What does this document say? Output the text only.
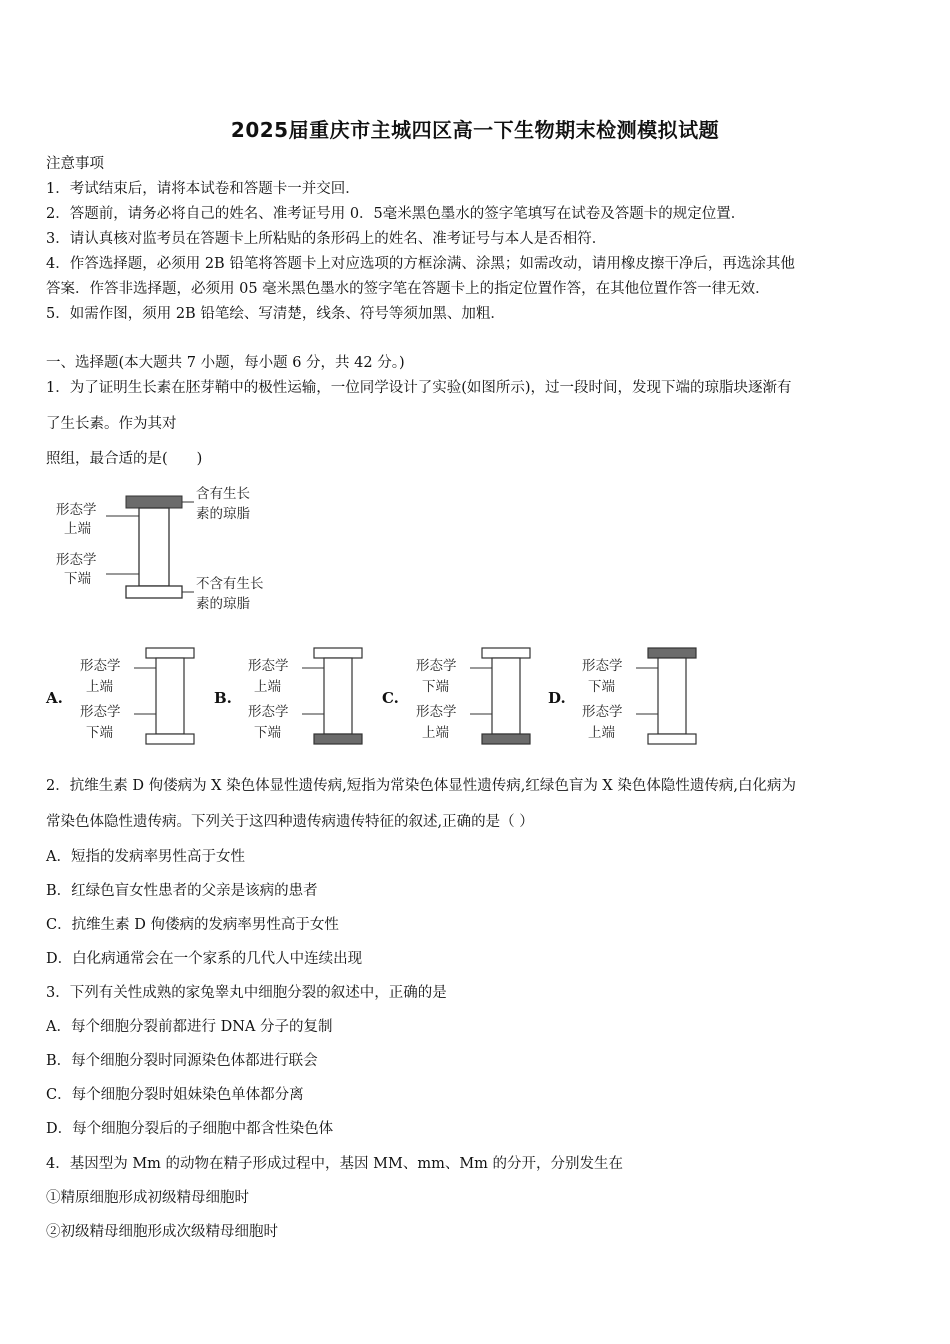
2025届重庆市主城四区高一下生物期末检测模拟试题
注意事项
1．考试结束后，请将本试卷和答题卡一并交回．
2．答题前，请务必将自己的姓名、准考证号用 0．5毫米黑色墨水的签字笔填写在试卷及答题卡的规定位置．
3．请认真核对监考员在答题卡上所粘贴的条形码上的姓名、准考证号与本人是否相符．
4．作答选择题，必须用 2B 铅笔将答题卡上对应选项的方框涂满、涂黑；如需改动，请用橡皮擦干净后，再选涂其他
答案．作答非选择题，必须用 05 毫米黑色墨水的签字笔在答题卡上的指定位置作答，在其他位置作答一律无效．
5．如需作图，须用 2B 铅笔绘、写清楚，线条、符号等须加黑、加粗．
一、选择题(本大题共 7 小题，每小题 6 分，共 42 分。)
1．为了证明生长素在胚芽鞘中的极性运输，一位同学设计了实验(如图所示)，过一段时间，发现下端的琼脂块逐渐有
了生长素。作为其对
照组，最合适的是(　　)
形态学上端
形态学下端
含有生长素的琼脂
不含有生长素的琼脂
A.
形态学
上端
形态学
下端
B.
形态学
上端
形态学
下端
C.
形态学
下端
形态学
上端
D.
形态学
下端
形态学
上端
2．抗维生素 D 佝偻病为 X 染色体显性遗传病,短指为常染色体显性遗传病,红绿色盲为 X 染色体隐性遗传病,白化病为
常染色体隐性遗传病。下列关于这四种遗传病遗传特征的叙述,正确的是（ ）
A．短指的发病率男性高于女性
B．红绿色盲女性患者的父亲是该病的患者
C．抗维生素 D 佝偻病的发病率男性高于女性
D．白化病通常会在一个家系的几代人中连续出现
3．下列有关性成熟的家兔睾丸中细胞分裂的叙述中，正确的是
A．每个细胞分裂前都进行 DNA 分子的复制
B．每个细胞分裂时同源染色体都进行联会
C．每个细胞分裂时姐妹染色单体都分离
D．每个细胞分裂后的子细胞中都含性染色体
4．基因型为 Mm 的动物在精子形成过程中，基因 MM、mm、Mm 的分开，分别发生在
①精原细胞形成初级精母细胞时
②初级精母细胞形成次级精母细胞时
